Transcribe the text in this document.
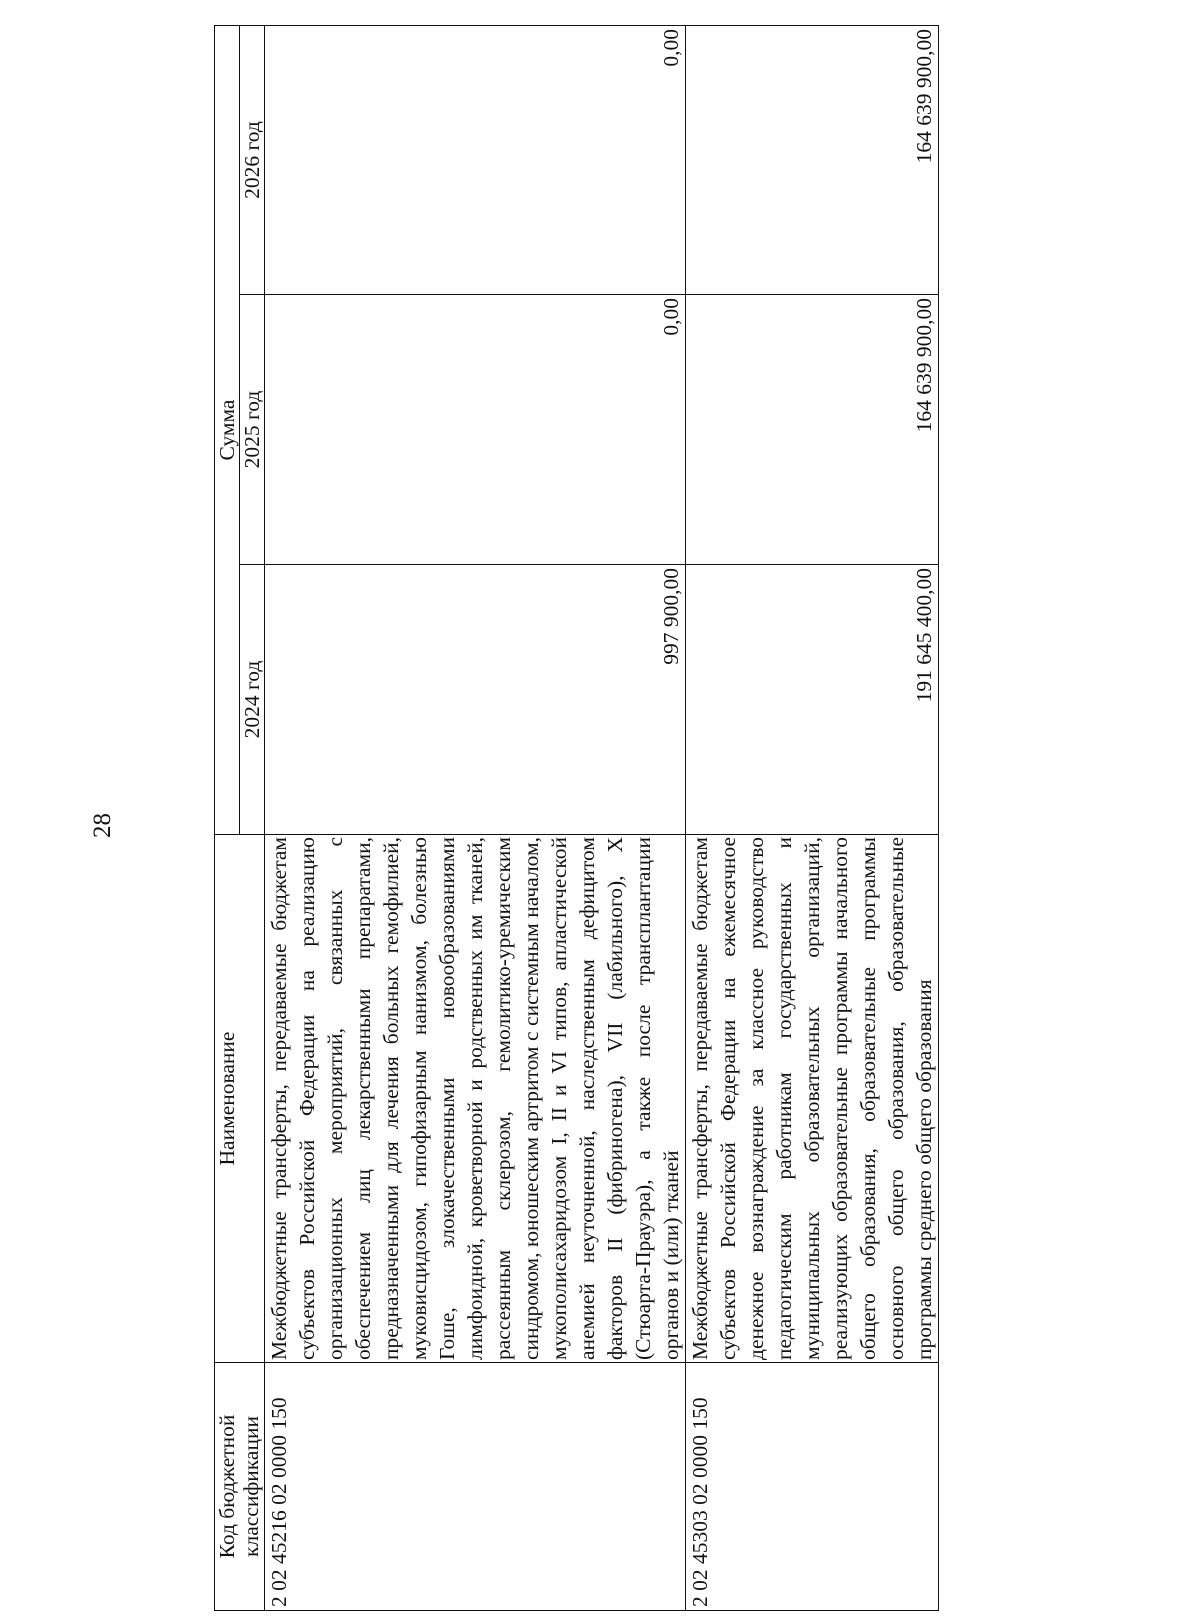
28
Код бюджетной классификации	Наименование	Сумма		
		2024 год	2025 год	2026 год
2 02 45216 02 0000 150	Межбюджетные трансферты, передаваемые бюджетам субъектов Российской Федерации на реализацию организационных мероприятий, связанных с обеспечением лиц лекарственными препаратами, предназначенными для лечения больных гемофилией, муковисцидозом, гипофизарным нанизмом, болезнью Гоше, злокачественными новообразованиями лимфоидной, кроветворной и родственных им тканей, рассеянным склерозом, гемолитико-уремическим синдромом, юношеским артритом с системным началом, мукополисахаридозом I, II и VI типов, апластической анемией неуточненной, наследственным дефицитом факторов II (фибриногена), VII (лабильного), X (Стюарта-Прауэра), а также после трансплантации органов и (или) тканей	997 900,00	0,00	0,00
2 02 45303 02 0000 150	Межбюджетные трансферты, передаваемые бюджетам субъектов Российской Федерации на ежемесячное денежное вознаграждение за классное руководство педагогическим работникам государственных и муниципальных образовательных организаций, реализующих образовательные программы начального общего образования, образовательные программы основного общего образования, образовательные программы среднего общего образования	191 645 400,00	164 639 900,00	164 639 900,00
